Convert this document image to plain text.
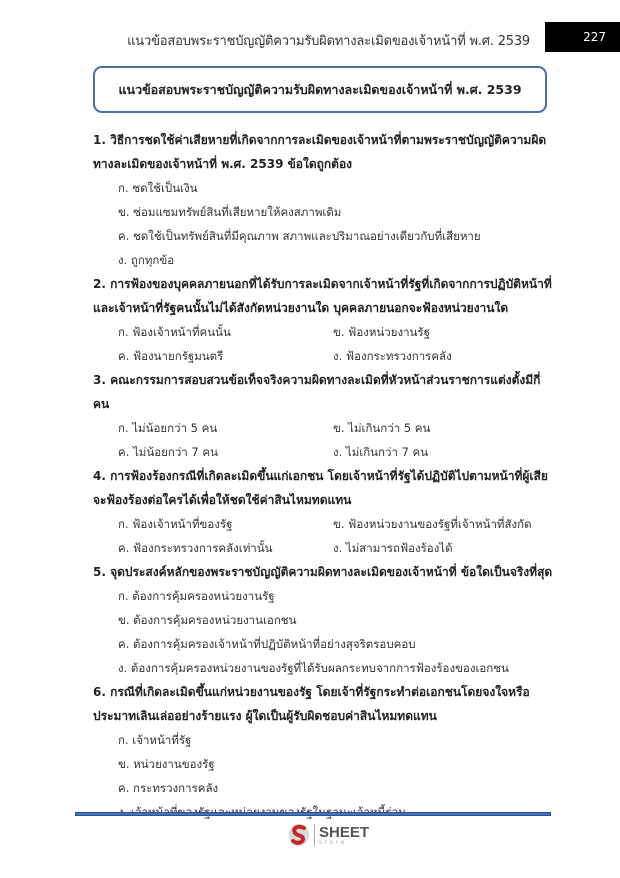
แนวข้อสอบพระราชบัญญัติความรับผิดทางละเมิดของเจ้าหน้าที่ พ.ศ. 2539	227
แนวข้อสอบพระราชบัญญัติความรับผิดทางละเมิดของเจ้าหน้าที่ พ.ศ. 2539

1. วิธีการชดใช้ค่าเสียหายที่เกิดจากการละเมิดของเจ้าหน้าที่ตามพระราชบัญญัติความผิดทางละเมิดของเจ้าหน้าที่ พ.ศ. 2539 ข้อใดถูกต้อง

ก. ชดใช้เป็นเงิน
ข. ซ่อมแซมทรัพย์สินที่เสียหายให้คงสภาพเดิม
ค. ชดใช้เป็นทรัพย์สินที่มีคุณภาพ สภาพและปริมาณอย่างเดียวกับที่เสียหาย
ง. ถูกทุกข้อ

2. การฟ้องของบุคคลภายนอกที่ได้รับการละเมิดจากเจ้าหน้าที่รัฐที่เกิดจากการปฏิบัติหน้าที่และเจ้าหน้าที่รัฐคนนั้นไม่ได้สังกัดหน่วยงานใด บุคคลภายนอกจะฟ้องหน่วยงานใด

ก. ฟ้องเจ้าหน้าที่คนนั้น	ข. ฟ้องหน่วยงานรัฐ
ค. ฟ้องนายกรัฐมนตรี	ง. ฟ้องกระทรวงการคลัง

3. คณะกรรมการสอบสวนข้อเท็จจริงความผิดทางละเมิดที่หัวหน้าส่วนราชการแต่งตั้งมีกี่คน

ก. ไม่น้อยกว่า 5 คน	ข. ไม่เกินกว่า 5 คน
ค. ไม่น้อยกว่า 7 คน	ง. ไม่เกินกว่า 7 คน

4. การฟ้องร้องกรณีที่เกิดละเมิดขึ้นแก่เอกชน โดยเจ้าหน้าที่รัฐได้ปฏิบัติไปตามหน้าที่ผู้เสียจะฟ้องร้องต่อใครได้เพื่อให้ชดใช้ค่าสินไหมทดแทน

ก. ฟ้องเจ้าหน้าที่ของรัฐ	ข. ฟ้องหน่วยงานของรัฐที่เจ้าหน้าที่สังกัด
ค. ฟ้องกระทรวงการคลังเท่านั้น	ง. ไม่สามารถฟ้องร้องได้

5. จุดประสงค์หลักของพระราชบัญญัติความผิดทางละเมิดของเจ้าหน้าที่ ข้อใดเป็นจริงที่สุด

ก. ต้องการคุ้มครองหน่วยงานรัฐ
ข. ต้องการคุ้มครองหน่วยงานเอกชน
ค. ต้องการคุ้มครองเจ้าหน้าที่ปฏิบัติหน้าที่อย่างสุจริตรอบคอบ
ง. ต้องการคุ้มครองหน่วยงานของรัฐที่ได้รับผลกระทบจากการฟ้องร้องของเอกชน

6. กรณีที่เกิดละเมิดขึ้นแก่หน่วยงานของรัฐ โดยเจ้าที่รัฐกระทำต่อเอกชนโดยจงใจหรือประมาทเลินเล่ออย่างร้ายแรง ผู้ใดเป็นผู้รับผิดชอบค่าสินไหมทดแทน

ก. เจ้าหน้าที่รัฐ
ข. หน่วยงานของรัฐ
ค. กระทรวงการคลัง
SHEET
store
